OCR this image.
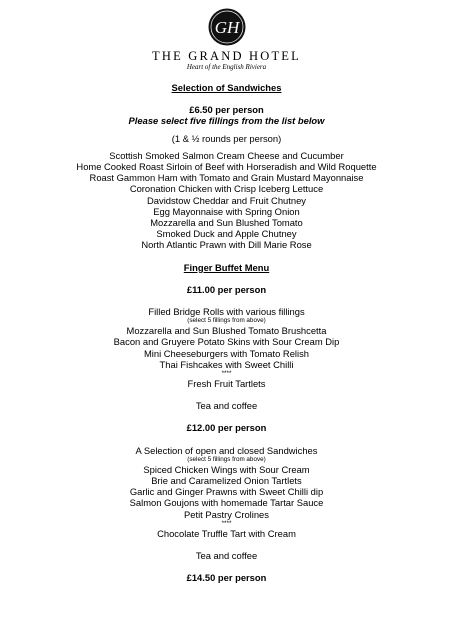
GH
THE GRAND HOTEL
Heart of the English Riviera
Selection of Sandwiches
£6.50 per person
Please select five fillings from the list below
(1 & ½ rounds per person)
Scottish Smoked Salmon Cream Cheese and Cucumber
Home Cooked Roast Sirloin of Beef with Horseradish and Wild Roquette
Roast Gammon Ham with Tomato and Grain Mustard Mayonnaise
Coronation Chicken with Crisp Iceberg Lettuce
Davidstow Cheddar and Fruit Chutney
Egg Mayonnaise with Spring Onion
Mozzarella and Sun Blushed Tomato
Smoked Duck and Apple Chutney
North Atlantic Prawn with Dill Marie Rose
Finger Buffet Menu
£11.00 per person
Filled Bridge Rolls with various fillings
(select 5 fillings from above)
Mozzarella and Sun Blushed Tomato Brushcetta
Bacon and Gruyere Potato Skins with Sour Cream Dip
Mini Cheeseburgers with Tomato Relish
Thai Fishcakes with Sweet Chilli
****
Fresh Fruit Tartlets
Tea and coffee
£12.00 per person
A Selection of open and closed Sandwiches
(select 5 fillings from above)
Spiced Chicken Wings with Sour Cream
Brie and Caramelized Onion Tartlets
Garlic and Ginger Prawns with Sweet Chilli dip
Salmon Goujons with homemade Tartar Sauce
Petit Pastry Crolines
****
Chocolate Truffle Tart with Cream
Tea and coffee
£14.50 per person
